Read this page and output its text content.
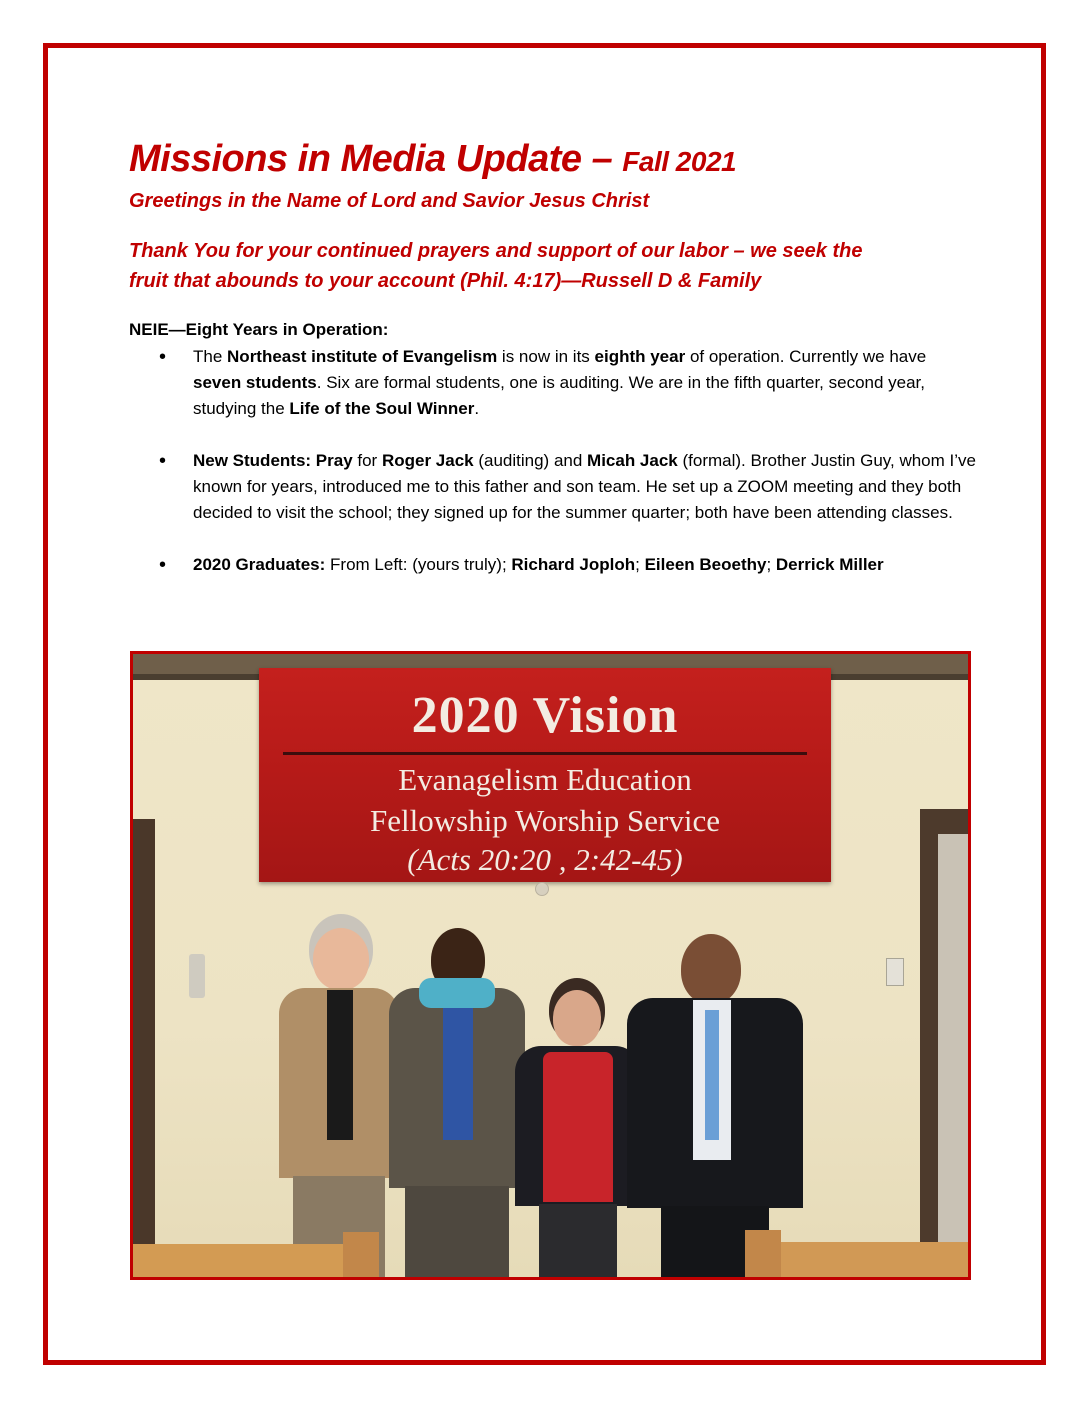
Missions in Media Update – Fall 2021

Greetings in the Name of Lord and Savior Jesus Christ

Thank You for your continued prayers and support of our labor – we seek the
fruit that abounds to your account (Phil. 4:17)—Russell D & Family

NEIE—Eight Years in Operation:

• The Northeast institute of Evangelism is now in its eighth year of operation. Currently we have seven students. Six are formal students, one is auditing. We are in the fifth quarter, second year, studying the Life of the Soul Winner.
• New Students: Pray for Roger Jack (auditing) and Micah Jack (formal). Brother Justin Guy, whom I’ve known for years, introduced me to this father and son team. He set up a ZOOM meeting and they both decided to visit the school; they signed up for the summer quarter; both have been attending classes.
• 2020 Graduates: From Left: (yours truly); Richard Joploh; Eileen Beoethy; Derrick Miller
2020 Vision
Evanagelism Education
Fellowship Worship Service
(Acts 20:20 , 2:42-45)
